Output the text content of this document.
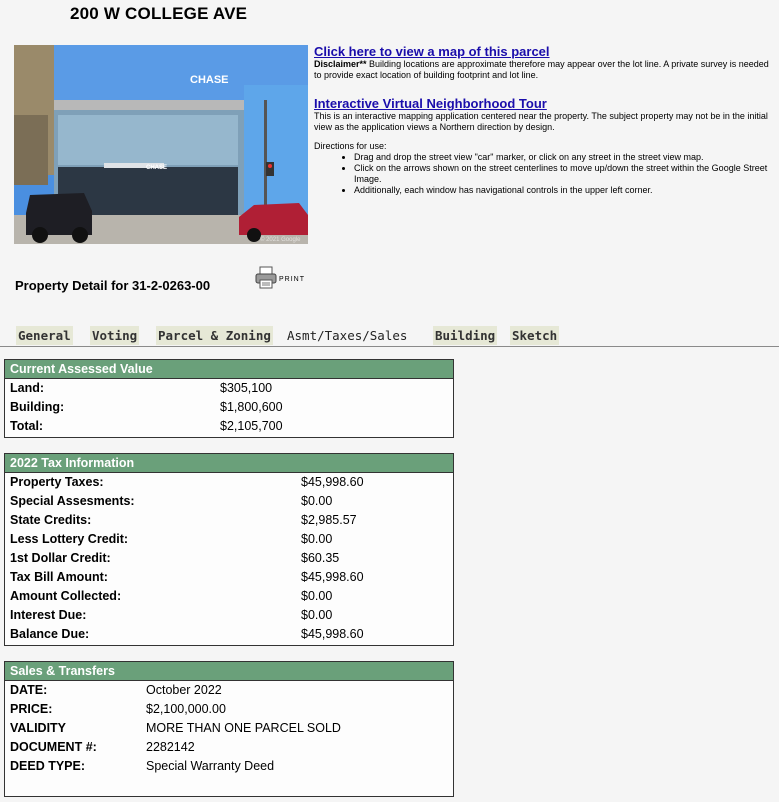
200 W COLLEGE AVE
CHASE
CHASE
© 2021 Google
Click here to view a map of this parcel

Disclaimer** Building locations are approximate therefore may appear over the lot line. A private survey is needed to provide exact location of building footprint and lot line.

Interactive Virtual Neighborhood Tour

This is an interactive mapping application centered near the property. The subject property may not be in the initial view as the application views a Northern direction by design.

Directions for use:

• Drag and drop the street view "car" marker, or click on any street in the street view map.
• Click on the arrows shown on the street centerlines to move up/down the street within the Google Street Image.
• Additionally, each window has navigational controls in the upper left corner.
Property Detail for 31-2-0263-00	PRINT
General Voting Parcel & Zoning Asmt/Taxes/Sales Building Sketch
Current Assessed Value
Land:	$305,100
Building:	$1,800,600
Total:	$2,105,700
2022 Tax Information
Property Taxes:	$45,998.60
Special Assesments:	$0.00
State Credits:	$2,985.57
Less Lottery Credit:	$0.00
1st Dollar Credit:	$60.35
Tax Bill Amount:	$45,998.60
Amount Collected:	$0.00
Interest Due:	$0.00
Balance Due:	$45,998.60
Sales & Transfers
DATE:	October 2022
PRICE:	$2,100,000.00
VALIDITY	MORE THAN ONE PARCEL SOLD
DOCUMENT #:	2282142
DEED TYPE:	Special Warranty Deed
